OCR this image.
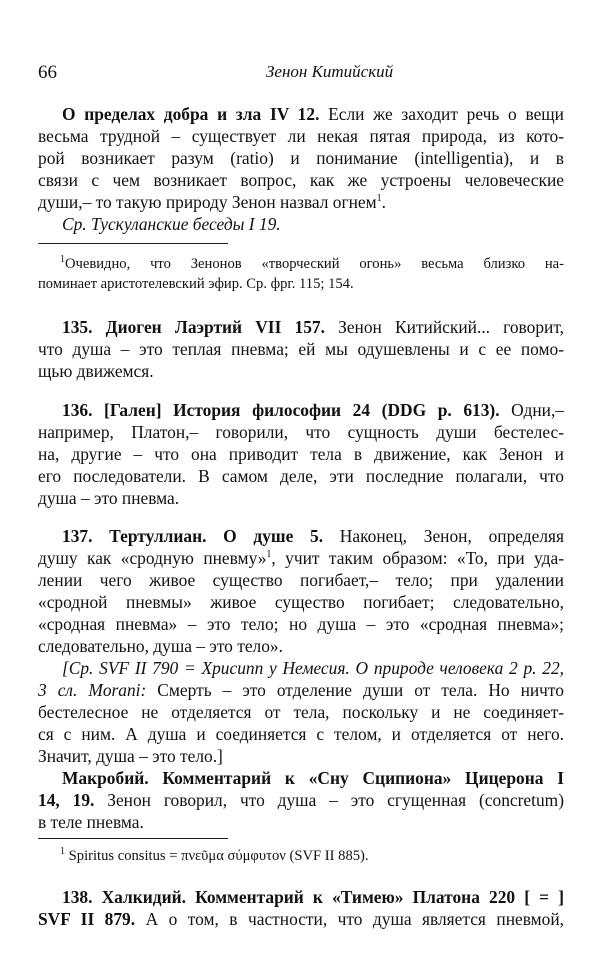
66	Зенон Китийский
О пределах добра и зла IV 12. Если же заходит речь о вещи
весьма трудной – существует ли некая пятая природа, из кото-
рой возникает разум (ratio) и понимание (intelligentia), и в
связи с чем возникает вопрос, как же устроены человеческие
души,– то такую природу Зенон назвал огнем$^1$.
Ср. Тускуланские беседы I 19.
$^1$Очевидно, что Зенонов «творческий огонь» весьма близко на-
поминает аристотелевский эфир. Ср. фрг. 115; 154.
135. Диоген Лаэртий VII 157. Зенон Китийский... говорит,
что душа – это теплая пневма; ей мы одушевлены и с ее помо-
щью движемся.
136. [Гален] История философии 24 (DDG p. 613). Одни,–
например, Платон,– говорили, что сущность души бестелес-
на, другие – что она приводит тела в движение, как Зенон и
его последователи. В самом деле, эти последние полагали, что
душа – это пневма.
137. Тертуллиан. О душе 5. Наконец, Зенон, определяя
душу как «сродную пневму»$^1$, учит таким образом: «То, при уда-
лении чего живое существо погибает,– тело; при удалении
«сродной пневмы» живое существо погибает; следовательно,
«сродная пневма» – это тело; но душа – это «сродная пневма»;
следовательно, душа – это тело».
[Ср. SVF II 790 = Хрисипп у Немесия. О природе человека 2 p. 22,
3 сл. Morani: Смерть – это отделение души от тела. Но ничто
бестелесное не отделяется от тела, поскольку и не соединяет-
ся с ним. А душа и соединяется с телом, и отделяется от него.
Значит, душа – это тело.]
Макробий. Комментарий к «Сну Сципиона» Цицерона I
14, 19. Зенон говорил, что душа – это сгущенная (concretum)
в теле пневма.
$^1$ Spiritus consitus = πνεῦμα σύμφυτον (SVF II 885).
138. Халкидий. Комментарий к «Тимею» Платона 220 [ = ]
SVF II 879. А о том, в частности, что душа является пневмой,
